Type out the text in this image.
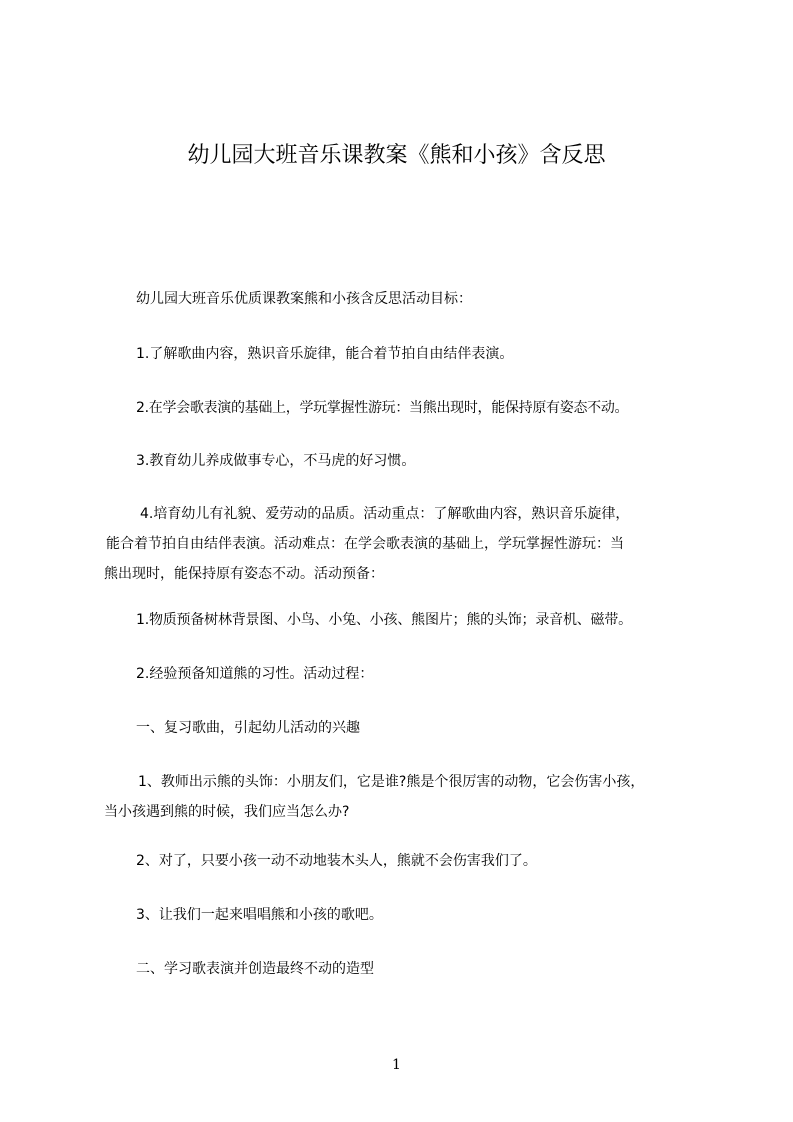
幼儿园大班音乐课教案《熊和小孩》含反思

幼儿园大班音乐优质课教案熊和小孩含反思活动目标：

1.了解歌曲内容，熟识音乐旋律，能合着节拍自由结伴表演。

2.在学会歌表演的基础上，学玩掌握性游玩：当熊出现时，能保持原有姿态不动。

3.教育幼儿养成做事专心，不马虎的好习惯。

4.培育幼儿有礼貌、爱劳动的品质。活动重点：了解歌曲内容，熟识音乐旋律，
能合着节拍自由结伴表演。活动难点：在学会歌表演的基础上，学玩掌握性游玩：当
熊出现时，能保持原有姿态不动。活动预备：

1.物质预备树林背景图、小鸟、小兔、小孩、熊图片；熊的头饰；录音机、磁带。

2.经验预备知道熊的习性。活动过程：

一、复习歌曲，引起幼儿活动的兴趣

1、教师出示熊的头饰：小朋友们，它是谁?熊是个很厉害的动物，它会伤害小孩，
当小孩遇到熊的时候，我们应当怎么办?

2、对了，只要小孩一动不动地装木头人，熊就不会伤害我们了。

3、让我们一起来唱唱熊和小孩的歌吧。

二、学习歌表演并创造最终不动的造型

1
